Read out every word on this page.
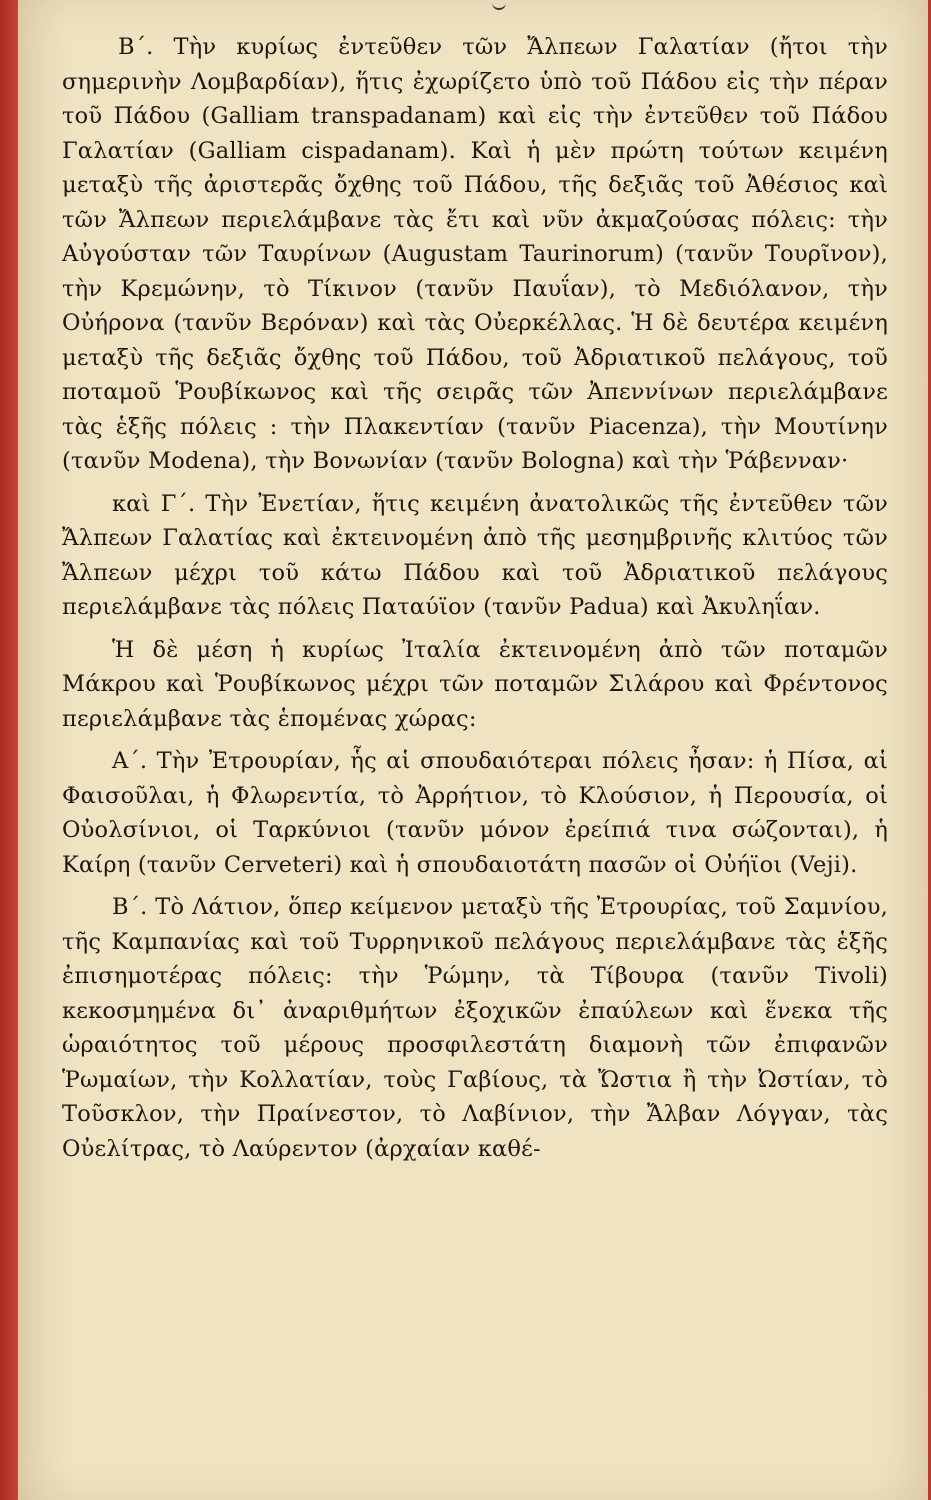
Β΄. Τὴν κυρίως ἐντεῦθεν τῶν Ἄλπεων Γαλατίαν (ἤτοι τὴν σημερινὴν Λομβαρδίαν), ἥτις ἐχωρίζετο ὑπὸ τοῦ Πάδου εἰς τὴν πέραν τοῦ Πάδου (Galliam transpadanam) καὶ εἰς τὴν ἐντεῦθεν τοῦ Πάδου Γαλατίαν (Galliam cispadanam). Καὶ ἡ μὲν πρώτη τούτων κειμένη μεταξὺ τῆς ἀριστερᾶς ὄχθης τοῦ Πάδου, τῆς δεξιᾶς τοῦ Ἀθέσιος καὶ τῶν Ἄλπεων περιελάμβανε τὰς ἔτι καὶ νῦν ἀκμαζούσας πόλεις: τὴν Αὐγούσταν τῶν Ταυρίνων (Augustam Taurinorum) (τανῦν Τουρῖνον), τὴν Κρεμώνην, τὸ Τίκινον (τανῦν Παυΐαν), τὸ Μεδιόλανον, τὴν Οὐήρονα (τανῦν Βερόναν) καὶ τὰς Οὐερκέλλας. Ἡ δὲ δευτέρα κειμένη μεταξὺ τῆς δεξιᾶς ὄχθης τοῦ Πάδου, τοῦ Ἀδριατικοῦ πελάγους, τοῦ ποταμοῦ Ῥουβίκωνος καὶ τῆς σειρᾶς τῶν Ἀπεννίνων περιελάμβανε τὰς ἑξῆς πόλεις : τὴν Πλακεντίαν (τανῦν Piacenza), τὴν Μουτίνην (τανῦν Modena), τὴν Βονωνίαν (τανῦν Bologna) καὶ τὴν Ῥάβενναν·

καὶ Γ΄. Τὴν Ἐνετίαν, ἥτις κειμένη ἀνατολικῶς τῆς ἐντεῦθεν τῶν Ἄλπεων Γαλατίας καὶ ἐκτεινομένη ἀπὸ τῆς μεσημβρινῆς κλιτύος τῶν Ἄλπεων μέχρι τοῦ κάτω Πάδου καὶ τοῦ Ἀδριατικοῦ πελάγους περιελάμβανε τὰς πόλεις Παταύϊον (τανῦν Padua) καὶ Ἀκυληΐαν.

Ἡ δὲ μέση ἡ κυρίως Ἰταλία ἐκτεινομένη ἀπὸ τῶν ποταμῶν Μάκρου καὶ Ῥουβίκωνος μέχρι τῶν ποταμῶν Σιλάρου καὶ Φρέντονος περιελάμβανε τὰς ἑπομένας χώρας:

Α΄. Τὴν Ἐτρουρίαν, ἧς αἱ σπουδαιότεραι πόλεις ἦσαν: ἡ Πίσα, αἱ Φαισοῦλαι, ἡ Φλωρεντία, τὸ Ἀρρήτιον, τὸ Κλούσιον, ἡ Περουσία, οἱ Οὐολσίνιοι, οἱ Ταρκύνιοι (τανῦν μόνον ἐρείπιά τινα σώζονται), ἡ Καίρη (τανῦν Cerveteri) καὶ ἡ σπουδαιοτάτη πασῶν οἱ Οὐήϊοι (Veji).

Β΄. Τὸ Λάτιον, ὅπερ κείμενον μεταξὺ τῆς Ἐτρουρίας, τοῦ Σαμνίου, τῆς Καμπανίας καὶ τοῦ Τυρρηνικοῦ πελάγους περιελάμβανε τὰς ἑξῆς ἐπισημοτέρας πόλεις: τὴν Ῥώμην, τὰ Τίβουρα (τανῦν Tivoli) κεκοσμημένα δι᾽ ἀναριθμήτων ἐξοχικῶν ἐπαύλεων καὶ ἕνεκα τῆς ὡραιότητος τοῦ μέρους προσφιλεστάτη διαμονὴ τῶν ἐπιφανῶν Ῥωμαίων, τὴν Κολλατίαν, τοὺς Γαβίους, τὰ Ὤστια ἢ τὴν Ὠστίαν, τὸ Τοῦσκλον, τὴν Πραίνεστον, τὸ Λαβίνιον, τὴν Ἄλβαν Λόγγαν, τὰς Οὐελίτρας, τὸ Λαύρεντον (ἀρχαίαν καθέ-
